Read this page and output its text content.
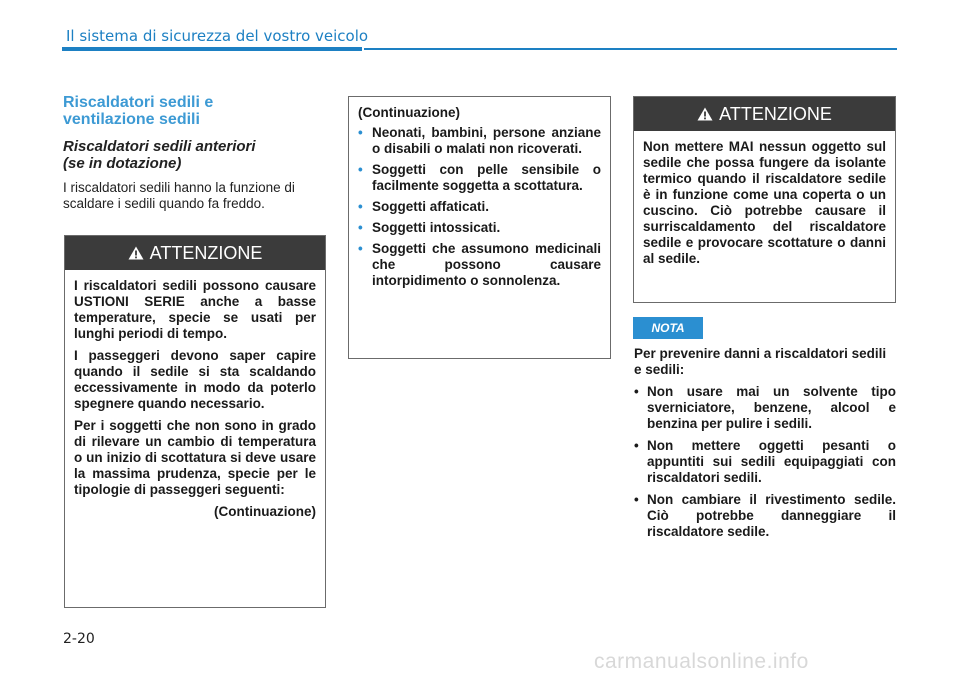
Il sistema di sicurezza del vostro veicolo
Riscaldatori sedili e
ventilazione sedili
Riscaldatori sedili anteriori
(se in dotazione)

I riscaldatori sedili hanno la funzione di scaldare i sedili quando fa freddo.

ATTENZIONE

I riscaldatori sedili possono causare USTIONI SERIE anche a basse temperature, specie se usati per lunghi periodi di tempo.

I passeggeri devono saper capire quando il sedile si sta scaldando eccessivamente in modo da poterlo spegnere quando necessario.

Per i soggetti che non sono in grado di rilevare un cambio di temperatura o un inizio di scottatura si deve usare la massima prudenza, specie per le tipologie di passeggeri seguenti:

(Continuazione)

(Continuazione)
• Neonati, bambini, persone anziane o disabili o malati non ricoverati.
• Soggetti con pelle sensibile o facilmente soggetta a scottatura.
• Soggetti affaticati.
• Soggetti intossicati.
• Soggetti che assumono medicinali che possono causare intorpidimento o sonnolenza.
ATTENZIONE

Non mettere MAI nessun oggetto sul sedile che possa fungere da isolante termico quando il riscaldatore sedile è in funzione come una coperta o un cuscino. Ciò potrebbe causare il surriscaldamento del riscaldatore sedile e provocare scottature o danni al sedile.

NOTA

Per prevenire danni a riscaldatori sedili e sedili:

• Non usare mai un solvente tipo sverniciatore, benzene, alcool e benzina per pulire i sedili.
• Non mettere oggetti pesanti o appuntiti sui sedili equipaggiati con riscaldatori sedili.
• Non cambiare il rivestimento sedile. Ciò potrebbe danneggiare il riscaldatore sedile.
2-20
carmanualsonline.info
